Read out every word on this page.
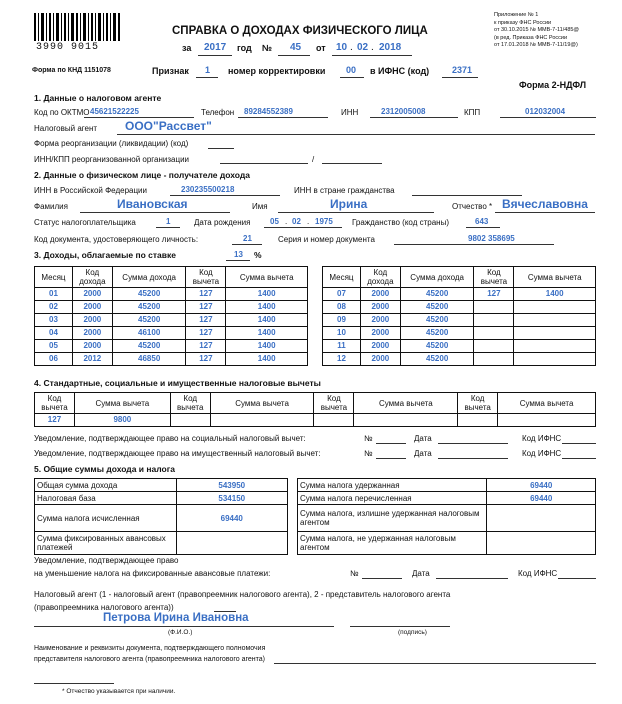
3990 9015
СПРАВКА О ДОХОДАХ ФИЗИЧЕСКОГО ЛИЦА
за 2017 год № 45 от 10 . 02 . 2018
Приложение № 1
к приказу ФНС России
от 30.10.2015 № ММВ-7-11/485@
(в ред. Приказа ФНС России
от 17.01.2018 № ММВ-7-11/19@)
Форма по КНД 1151078	Признак 1 номер корректировки 00 в ИФНС (код)	2371
Форма 2-НДФЛ
1. Данные о налоговом агенте
Код по ОКТМО 45621522225	Телефон 89284552389	ИНН	2312005008	КПП	012032004
Налоговый агент ООО"Рассвет"
Форма реорганизации (ликвидации) (код)
ИНН/КПП реорганизованной организации	/
2. Данные о физическом лице - получателе дохода
ИНН в Российской Федерации	230235500218	ИНН в стране гражданства
Фамилия	Ивановская	Имя	Ирина	Отчество * Вячеславовна
Статус налогоплательщика	1	Дата рождения 05 . 02 . 1975 Гражданство (код страны)	643
Код документа, удостоверяющего личность:	21	Серия и номер документа	9802 358695
3. Доходы, облагаемые по ставке	13 %
Месяц	Код дохода	Сумма дохода	Код вычета	Сумма вычета
01	2000	45200	127	1400
02	2000	45200	127	1400
03	2000	45200	127	1400
04	2000	46100	127	1400
05	2000	45200	127	1400
06	2012	46850	127	1400
Месяц	Код дохода	Сумма дохода	Код вычета	Сумма вычета
07	2000	45200	127	1400
08	2000	45200		
09	2000	45200		
10	2000	45200		
11	2000	45200		
12	2000	45200		
4. Стандартные, социальные и имущественные налоговые вычеты
Код вычета	Сумма вычета	Код вычета	Сумма вычета	Код вычета	Сумма вычета	Код вычета	Сумма вычета
127	9800						
Уведомление, подтверждающее право на социальный налоговый вычет:
Уведомление, подтверждающее право на имущественный налоговый вычет:
№	Дата	Код ИФНС
№	Дата	Код ИФНС
5. Общие суммы дохода и налога
Общая сумма дохода	543950
Налоговая база	534150
Сумма налога исчисленная	69440
Сумма фиксированных авансовых платежей	
Сумма налога удержанная	69440
Сумма налога перечисленная	69440
Сумма налога, излишне удержанная налоговым агентом	
Сумма налога, не удержанная налоговым агентом	
Уведомление, подтверждающее право
на уменьшение налога на фиксированные авансовые платежи:	№	Дата	Код ИФНС
Налоговый агент (1 - налоговый агент (правопреемник налогового агента), 2 - представитель налогового агента
(правопреемника налогового агента))
Петрова Ирина Ивановна
(Ф.И.О.)	(подпись)
Наименование и реквизиты документа, подтверждающего полномочия
представителя налогового агента (правопреемника налогового агента)
* Отчество указывается при наличии.
